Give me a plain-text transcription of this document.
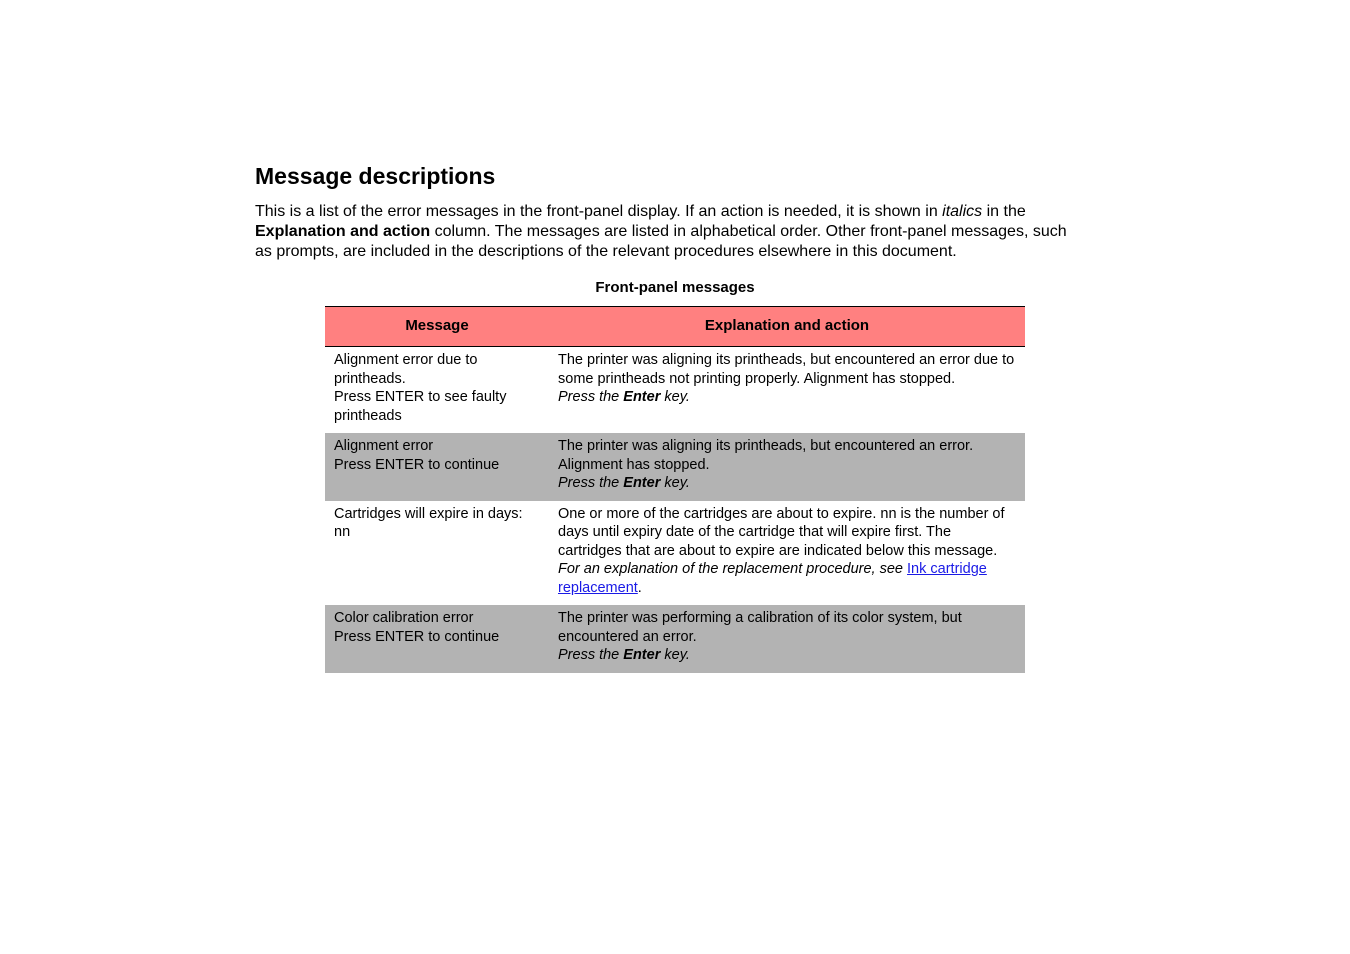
Message descriptions

This is a list of the error messages in the front-panel display. If an action is needed, it is shown in italics in the Explanation and action column. The messages are listed in alphabetical order. Other front-panel messages, such as prompts, are included in the descriptions of the relevant procedures elsewhere in this document.

Front-panel messages
Message	Explanation and action

Alignment error due to printheads.
Press ENTER to see faulty printheads	The printer was aligning its printheads, but encountered an error due to some printheads not printing properly. Alignment has stopped.
Press the Enter key.

Alignment error
Press ENTER to continue	The printer was aligning its printheads, but encountered an error. Alignment has stopped.
Press the Enter key.

Cartridges will expire in days: nn	One or more of the cartridges are about to expire. nn is the number of days until expiry date of the cartridge that will expire first. The cartridges that are about to expire are indicated below this message.
For an explanation of the replacement procedure, see Ink cartridge replacement.

Color calibration error
Press ENTER to continue	The printer was performing a calibration of its color system, but encountered an error.
Press the Enter key.
